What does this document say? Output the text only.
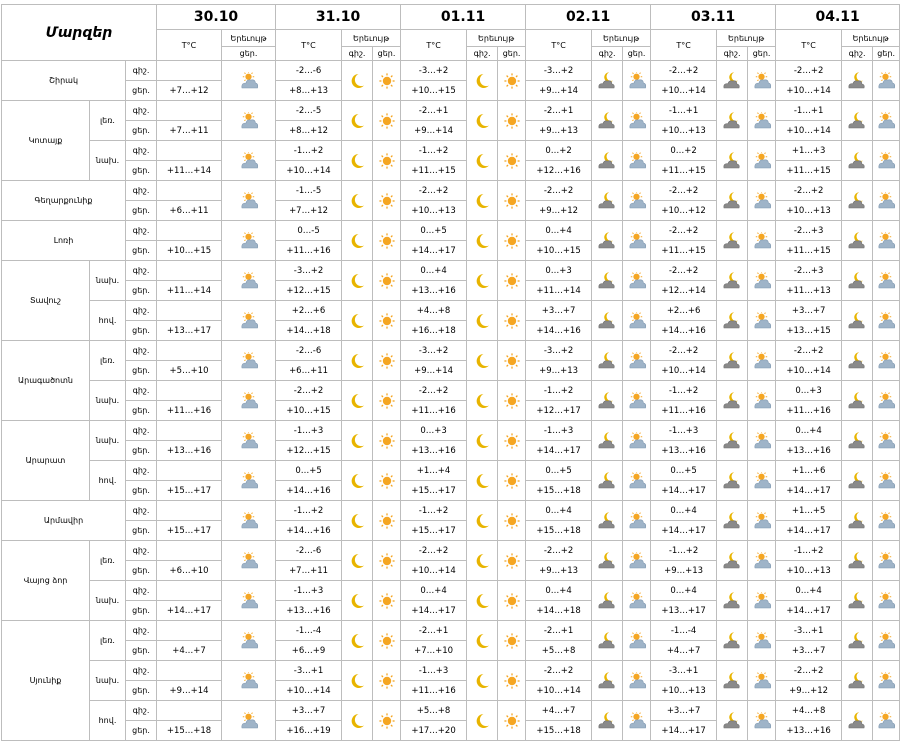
Մարզեր			30.10		31.10			01.11			02.11			03.11			04.11		
			T°C	Երեւույթ	T°C	Երեւույթ		T°C	Երեւույթ		T°C	Երեւույթ		T°C	Երեւույթ		T°C	Երեւույթ	
				ցեր.		գիշ.	ցեր.		գիշ.	ցեր.		գիշ.	ցեր.		գիշ.	ցեր.		գիշ.	ցեր.
Շիրակ		գիշ.			-2…-6			-3…+2			-3…+2			-2…+2			-2…+2	

		ցեր.	+7…+12		+8…+13			+10…+15			+9…+14			+10…+14			+10…+14		
Կոտայք	լեռ.	գիշ.			-2…-5			-2…+1			-2…+1			-1…+1			-1…+1	

		ցեր.	+7…+11		+8…+12			+9…+14			+9…+13			+10…+13			+10…+14		
	նախ.	գիշ.			-1…+2			-1…+2			0…+2			0…+2			+1…+3	

		ցեր.	+11…+14		+10…+14			+11…+15			+12…+16			+11…+15			+11…+15		
Գեղարքունիք		գիշ.			-1…-5			-2…+2			-2…+2			-2…+2			-2…+2	

		ցեր.	+6…+11		+7…+12			+10…+13			+9…+12			+10…+12			+10…+13		
Լոռի		գիշ.			0…-5			0…+5			0…+4			-2…+2			-2…+3	

		ցեր.	+10…+15		+11…+16			+14…+17			+10…+15			+11…+15			+11…+15		
Տավուշ	նախ.	գիշ.			-3…+2			0…+4			0…+3			-2…+2			-2…+3	

		ցեր.	+11…+14		+12…+15			+13…+16			+11…+14			+12…+14			+11…+13		
	հով.	գիշ.			+2…+6			+4…+8			+3…+7			+2…+6			+3…+7	

		ցեր.	+13…+17		+14…+18			+16…+18			+14…+16			+14…+16			+13…+15		
Արագածոտն	լեռ.	գիշ.			-2…-6			-3…+2			-3…+2			-2…+2			-2…+2	

		ցեր.	+5…+10		+6…+11			+9…+14			+9…+13			+10…+14			+10…+14		
	նախ.	գիշ.			-2…+2			-2…+2			-1…+2			-1…+2			0…+3	

		ցեր.	+11…+16		+10…+15			+11…+16			+12…+17			+11…+16			+11…+16		
Արարատ	նախ.	գիշ.			-1…+3			0…+3			-1…+3			-1…+3			0…+4	

		ցեր.	+13…+16		+12…+15			+13…+16			+14…+17			+13…+16			+13…+16		
	հով.	գիշ.			0…+5			+1…+4			0…+5			0…+5			+1…+6	

		ցեր.	+15…+17		+14…+16			+15…+17			+15…+18			+14…+17			+14…+17		
Արմավիր		գիշ.			-1…+2			-1…+2			0…+4			0…+4			+1…+5	

		ցեր.	+15…+17		+14…+16			+15…+17			+15…+18			+14…+17			+14…+17		
Վայոց ձոր	լեռ.	գիշ.			-2…-6			-2…+2			-2…+2			-1…+2			-1…+2	

		ցեր.	+6…+10		+7…+11			+10…+14			+9…+13			+9…+13			+10…+13		
	նախ.	գիշ.			-1…+3			0…+4			0…+4			0…+4			0…+4	

		ցեր.	+14…+17		+13…+16			+14…+17			+14…+18			+13…+17			+14…+17		
Սյունիք	լեռ.	գիշ.			-1…-4			-2…+1			-2…+1			-1…-4			-3…+1	

		ցեր.	+4…+7		+6…+9			+7…+10			+5…+8			+4…+7			+3…+7		
	նախ.	գիշ.			-3…+1			-1…+3			-2…+2			-3…+1			-2…+2	

		ցեր.	+9…+14		+10…+14			+11…+16			+10…+14			+10…+13			+9…+12		
	հով.	գիշ.			+3…+7			+5…+8			+4…+7			+3…+7			+4…+8	

		ցեր.	+15…+18		+16…+19			+17…+20			+15…+18			+14…+17			+13…+16		
